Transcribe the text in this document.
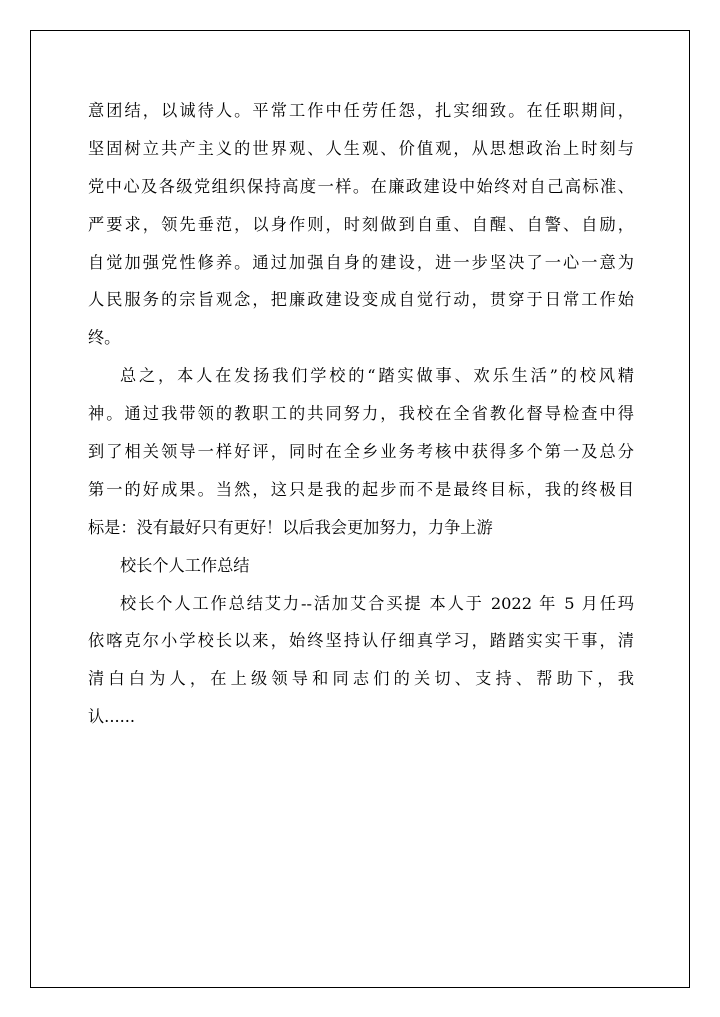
意团结，以诚待人。平常工作中任劳任怨，扎实细致。在任职期间，
坚固树立共产主义的世界观、人生观、价值观，从思想政治上时刻与
党中心及各级党组织保持高度一样。在廉政建设中始终对自己高标准、
严要求，领先垂范，以身作则，时刻做到自重、自醒、自警、自励，
自觉加强党性修养。通过加强自身的建设，进一步坚决了一心一意为
人民服务的宗旨观念，把廉政建设变成自觉行动，贯穿于日常工作始
终。
总之，本人在发扬我们学校的“踏实做事、欢乐生活”的校风精
神。通过我带领的教职工的共同努力，我校在全省教化督导检查中得
到了相关领导一样好评，同时在全乡业务考核中获得多个第一及总分
第一的好成果。当然，这只是我的起步而不是最终目标，我的终极目
标是：没有最好只有更好！以后我会更加努力，力争上游
校长个人工作总结
校长个人工作总结艾力--活加艾合买提 本人于 2022 年 5 月任玛
依喀克尔小学校长以来，始终坚持认仔细真学习，踏踏实实干事，清
清白白为人，在上级领导和同志们的关切、支持、帮助下，我
认......
